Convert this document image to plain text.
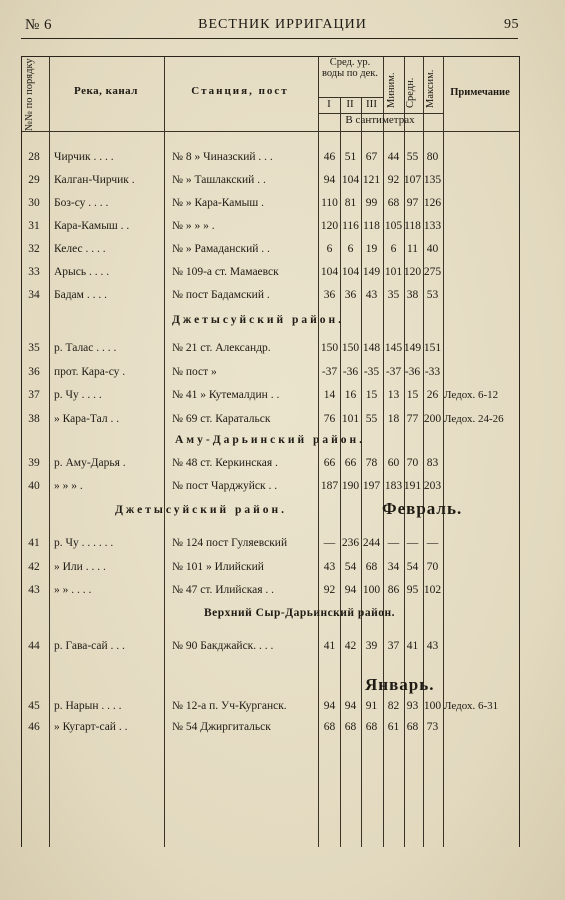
№ 6	ВЕСТНИК ИРРИГАЦИИ	95
№№ по порядку	Река, канал	Станция, пост
Сред. ур. воды по дек.
I	II	III Миним. Средн. Максим.	Примечание
В сантиметрах
28	Чирчик . . . .	№ 8 » Чиназский . . .	46 51 67 44 55 80
29	Калган-Чирчик .	№ » Ташлакский . .	94 104 121 92 107 135
30	Боз-су . . . .	№ » Кара-Камыш .	110 81 99 68 97 126
31	Кара-Камыш . .	№ » » » .	120 116 118 105 118 133
32	Келес . . . .	№ » Рамаданский . .	6	6	19	6 11 40
33	Арысь . . . .	№ 109-а ст. Мамаевск	104 104 149 101 120 275
34	Бадам . . . .	№ пост Бадамский .	36 36 43 35 38 53
Джетысуйский район.
35	р. Талас . . . .	№ 21 ст. Александр.	150 150 148 145 149 151
36	прот. Кара-су .	№ пост »	-37 -36 -35 -37 -36 -33
37	р. Чу . . . .	№ 41 » Кутемалдин . .	14 16 15 13 15 26 Ледох. 6-12
38	» Кара-Тал . .	№ 69 ст. Каратальск	76 101 55 18 77 200 Ледох. 24-26
Аму-Дарьинский район.
39	р. Аму-Дарья .	№ 48 ст. Керкинская .	66 66 78 60 70 83
40	» » » .	№ пост Чарджуйск . .	187 190 197 183 191 203
Джетысуйский район.	Февраль.
41	р. Чу . . . . . .	№ 124 пост Гуляевский	— 236 244 — — —
42	» Или . . . .	№ 101 » Илийский	43 54 68 34 54 70
43	» » . . . .	№ 47 ст. Илийская . .	92 94 100 86 95 102
Верхний Сыр-Дарьинский район.
44	р. Гава-сай . . .	№ 90 Бакджайск. . . .	41 42 39 37 41 43
Январь.
45	р. Нарын . . . .	№ 12-а п. Уч-Курганск.	94 94 91 82 93 100 Ледох. 6-31
46	» Кугарт-сай . .	№ 54 Джиргитальск	68 68 68 61 68 73
